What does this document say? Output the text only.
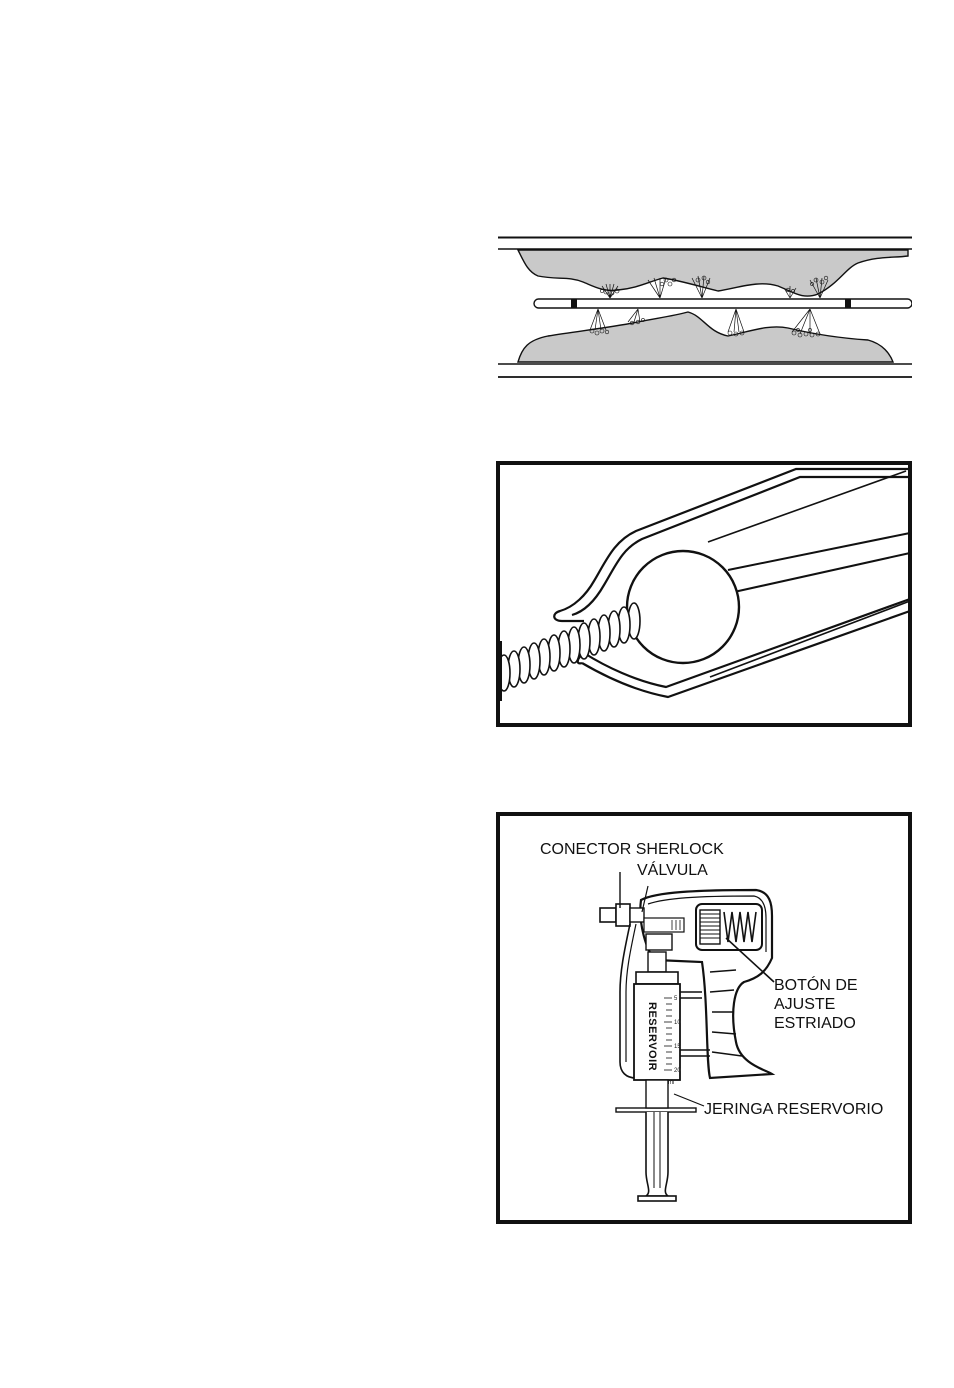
CONECTOR SHERLOCK
VÁLVULA
BOTÓN DE
AJUSTE
ESTRIADO
JERINGA RESERVORIO
RESERVOIR
5
10
15
20
ml
